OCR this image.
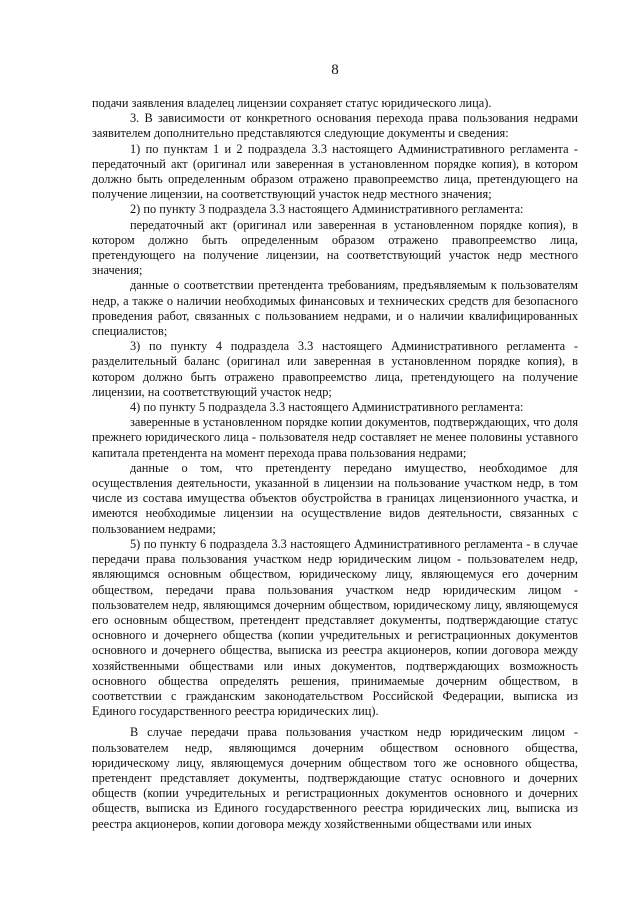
8

подачи заявления владелец лицензии сохраняет статус юридического лица).

3. В зависимости от конкретного основания перехода права пользования недрами заявителем дополнительно представляются следующие документы и сведения:

1) по пунктам 1 и 2 подраздела 3.3 настоящего Административного регламента - передаточный акт (оригинал или заверенная в установленном порядке копия), в котором должно быть определенным образом отражено правопреемство лица, претендующего на получение лицензии, на соответствующий участок недр местного значения;

2) по пункту 3 подраздела 3.3 настоящего Административного регламента:

передаточный акт (оригинал или заверенная в установленном порядке копия), в котором должно быть определенным образом отражено правопреемство лица, претендующего на получение лицензии, на соответствующий участок недр местного значения;

данные о соответствии претендента требованиям, предъявляемым к пользователям недр, а также о наличии необходимых финансовых и технических средств для безопасного проведения работ, связанных с пользованием недрами, и о наличии квалифицированных специалистов;

3) по пункту 4 подраздела 3.3 настоящего Административного регламента - разделительный баланс (оригинал или заверенная в установленном порядке копия), в котором должно быть отражено правопреемство лица, претендующего на получение лицензии, на соответствующий участок недр;

4) по пункту 5 подраздела 3.3 настоящего Административного регламента:

заверенные в установленном порядке копии документов, подтверждающих, что доля прежнего юридического лица - пользователя недр составляет не менее половины уставного капитала претендента на момент перехода права пользования недрами;

данные о том, что претенденту передано имущество, необходимое для осуществления деятельности, указанной в лицензии на пользование участком недр, в том числе из состава имущества объектов обустройства в границах лицензионного участка, и имеются необходимые лицензии на осуществление видов деятельности, связанных с пользованием недрами;

5) по пункту 6 подраздела 3.3 настоящего Административного регламента - в случае передачи права пользования участком недр юридическим лицом - пользователем недр, являющимся основным обществом, юридическому лицу, являющемуся его дочерним обществом, передачи права пользования участком недр юридическим лицом - пользователем недр, являющимся дочерним обществом, юридическому лицу, являющемуся его основным обществом, претендент представляет документы, подтверждающие статус основного и дочернего общества (копии учредительных и регистрационных документов основного и дочернего общества, выписка из реестра акционеров, копии договора между хозяйственными обществами или иных документов, подтверждающих возможность основного общества определять решения, принимаемые дочерним обществом, в соответствии с гражданским законодательством Российской Федерации, выписка из Единого государственного реестра юридических лиц).

В случае передачи права пользования участком недр юридическим лицом - пользователем недр, являющимся дочерним обществом основного общества, юридическому лицу, являющемуся дочерним обществом того же основного общества, претендент представляет документы, подтверждающие статус основного и дочерних обществ (копии учредительных и регистрационных документов основного и дочерних обществ, выписка из Единого государственного реестра юридических лиц, выписка из реестра акционеров, копии договора между хозяйственными обществами или иных
